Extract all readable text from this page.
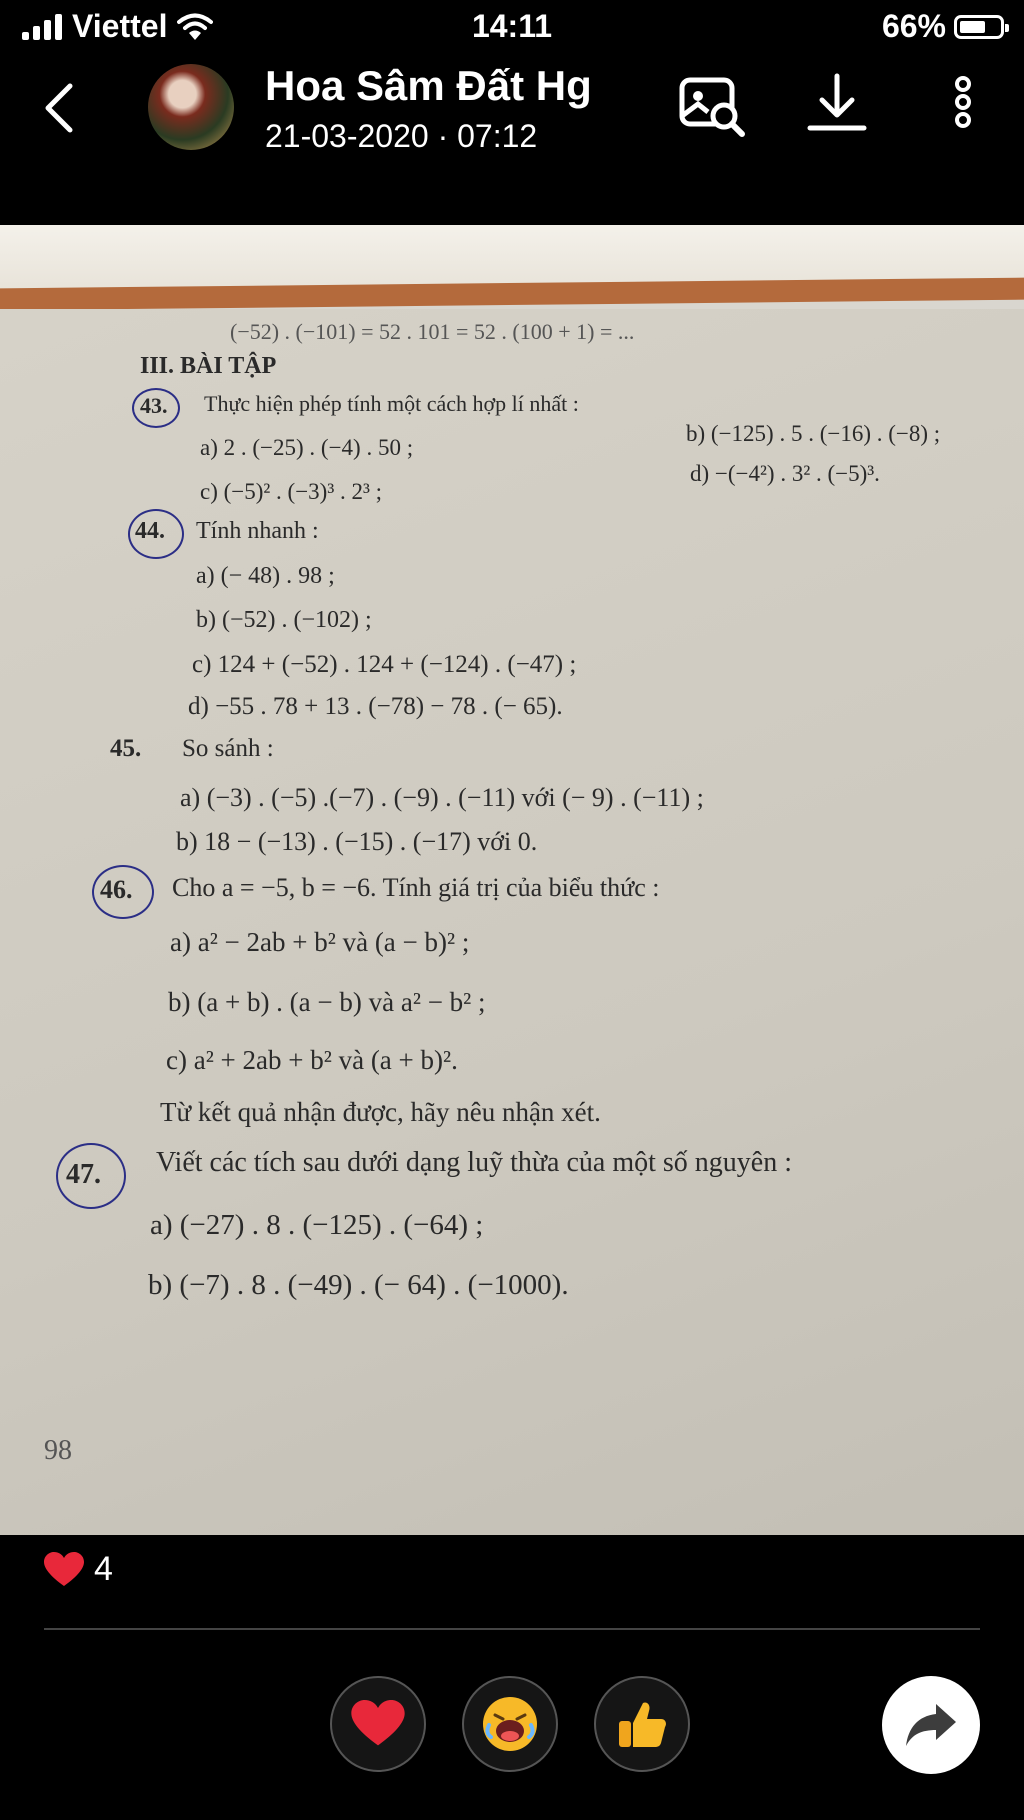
Viettel	14:11	66%
Hoa Sâm Đất Hg
21-03-2020 · 07:12
(−52) . (−101) = 52 . 101 = 52 . (100 + 1) = ...
III. BÀI TẬP
43. Thực hiện phép tính một cách hợp lí nhất :
a) 2 . (−25) . (−4) . 50 ;
b) (−125) . 5 . (−16) . (−8) ;
c) (−5)² . (−3)³ . 2³ ;
d) −(−4²) . 3² . (−5)³.
44. Tính nhanh :
a) (− 48) . 98 ;
b) (−52) . (−102) ;
c) 124 + (−52) . 124 + (−124) . (−47) ;
d) −55 . 78 + 13 . (−78) − 78 . (− 65).
45. So sánh :
a) (−3) . (−5) .(−7) . (−9) . (−11) với (− 9) . (−11) ;
b) 18 − (−13) . (−15) . (−17) với 0.
46. Cho a = −5, b = −6. Tính giá trị của biểu thức :
a) a² − 2ab + b² và (a − b)² ;
b) (a + b) . (a − b) và a² − b² ;
c) a² + 2ab + b² và (a + b)².
Từ kết quả nhận được, hãy nêu nhận xét.
47. Viết các tích sau dưới dạng luỹ thừa của một số nguyên :
a) (−27) . 8 . (−125) . (−64) ;
b) (−7) . 8 . (−49) . (− 64) . (−1000).
98
4
